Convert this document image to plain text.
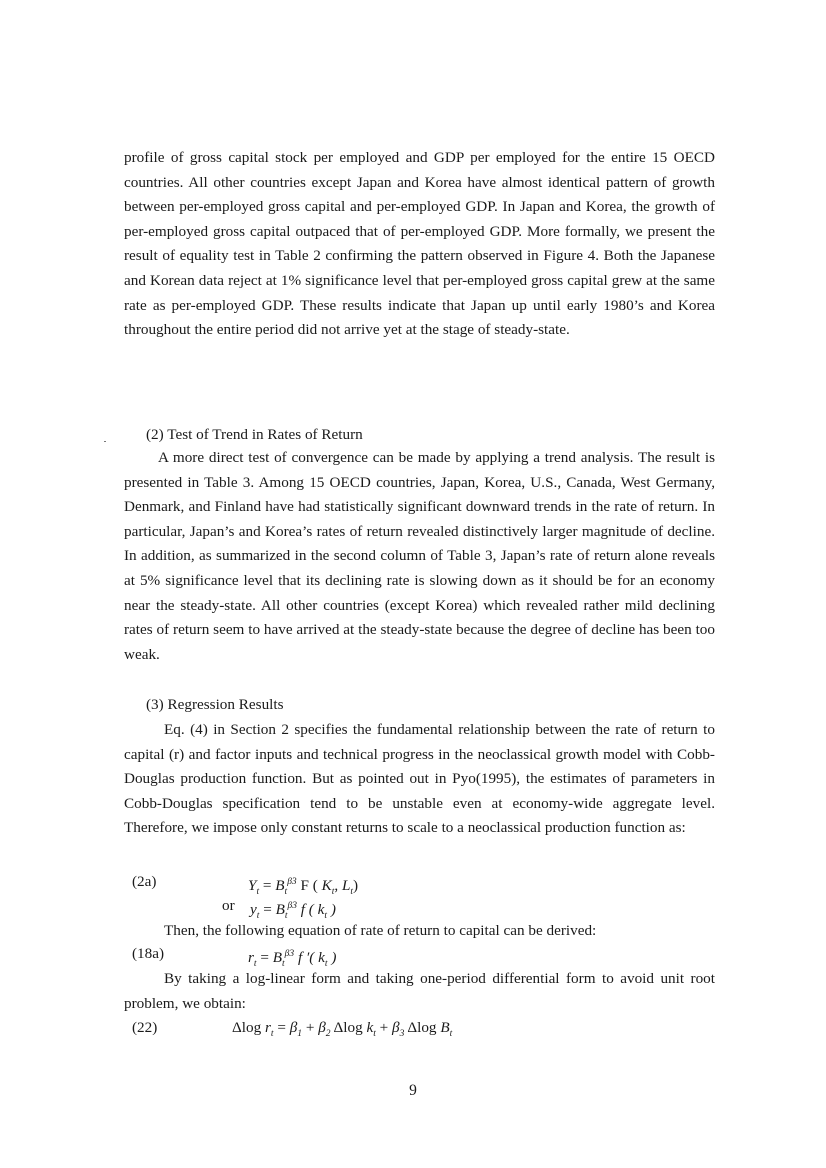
profile of gross capital stock per employed and GDP per employed for the entire 15 OECD countries. All other countries except Japan and Korea have almost identical pattern of growth between per-employed gross capital and per-employed GDP. In Japan and Korea, the growth of per-employed gross capital outpaced that of per-employed GDP. More formally, we present the result of equality test in Table 2 confirming the pattern observed in Figure 4. Both the Japanese and Korean data reject at 1% significance level that per-employed gross capital grew at the same rate as per-employed GDP. These results indicate that Japan up until early 1980’s and Korea throughout the entire period did not arrive yet at the stage of steady-state.

(2) Test of Trend in Rates of Return

A more direct test of convergence can be made by applying a trend analysis. The result is presented in Table 3. Among 15 OECD countries, Japan, Korea, U.S., Canada, West Germany, Denmark, and Finland have had statistically significant downward trends in the rate of return. In particular, Japan’s and Korea’s rates of return revealed distinctively larger magnitude of decline. In addition, as summarized in the second column of Table 3, Japan’s rate of return alone reveals at 5% significance level that its declining rate is slowing down as it should be for an economy near the steady-state. All other countries (except Korea) which revealed rather mild declining rates of return seem to have arrived at the steady-state because the degree of decline has been too weak.

(3) Regression Results

Eq. (4) in Section 2 specifies the fundamental relationship between the rate of return to capital (r) and factor inputs and technical progress in the neoclassical growth model with Cobb-Douglas production function. But as pointed out in Pyo(1995), the estimates of parameters in Cobb-Douglas specification tend to be unstable even at economy-wide aggregate level. Therefore, we impose only constant returns to scale to a neoclassical production function as:

(2a)	$Y_t = B_t^{\beta 3}$ F ( $K_t$, $L_t$)
or $y_t = B_t^{\beta 3}$ f ( $k_t$ )

Then, the following equation of rate of return to capital can be derived:

(18a)	$r_t = B_t^{\beta 3}$ f ′( $k_t$ )

By taking a log-linear form and taking one-period differential form to avoid unit root problem, we obtain:

(22)	Δlog $r_t = \beta_1 + \beta_2$ Δlog $k_t + \beta_3$ Δlog $B_t$
9
